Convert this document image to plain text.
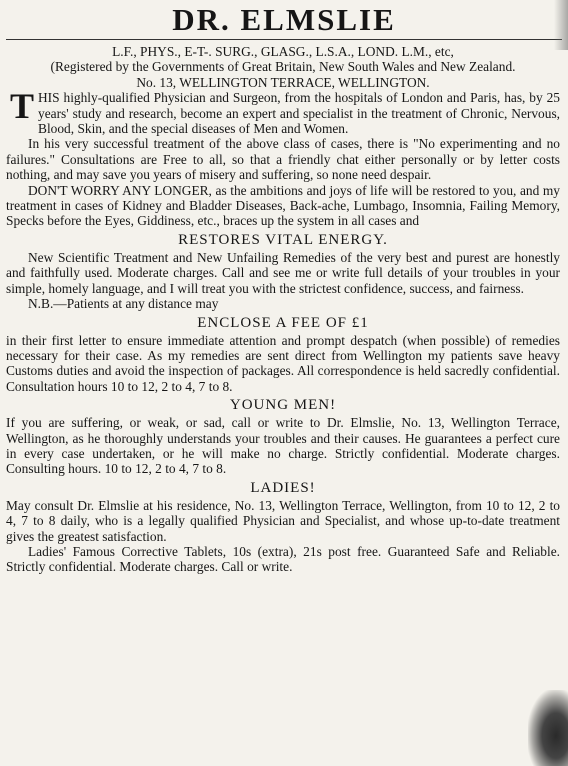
DR. ELMSLIE

L.F., PHYS., E-T-. SURG., GLASG., L.S.A., LOND. L.M., etc,

(Registered by the Governments of Great Britain, New South Wales and New Zealand.

No. 13, WELLINGTON TERRACE, WELLINGTON.

THIS highly-qualified Physician and Surgeon, from the hospitals of London and Paris, has, by 25 years' study and research, become an expert and specialist in the treatment of Chronic, Nervous, Blood, Skin, and the special diseases of Men and Women.

In his very successful treatment of the above class of cases, there is "No experimenting and no failures." Consultations are Free to all, so that a friendly chat either personally or by letter costs nothing, and may save you years of misery and suffering, so none need despair.

DON'T WORRY ANY LONGER, as the ambitions and joys of life will be restored to you, and my treatment in cases of Kidney and Bladder Diseases, Back-ache, Lumbago, Insomnia, Failing Memory, Specks before the Eyes, Giddiness, etc., braces up the system in all cases and

RESTORES VITAL ENERGY.

New Scientific Treatment and New Unfailing Remedies of the very best and purest are honestly and faithfully used. Moderate charges. Call and see me or write full details of your troubles in your simple, homely language, and I will treat you with the strictest confidence, success, and fairness.

N.B.—Patients at any distance may

ENCLOSE A FEE OF £1

in their first letter to ensure immediate attention and prompt despatch (when possible) of remedies necessary for their case. As my remedies are sent direct from Wellington my patients save heavy Customs duties and avoid the inspection of packages. All correspondence is held sacredly confidential. Consultation hours 10 to 12, 2 to 4, 7 to 8.

YOUNG MEN!

If you are suffering, or weak, or sad, call or write to Dr. Elmslie, No. 13, Wellington Terrace, Wellington, as he thoroughly understands your troubles and their causes. He guarantees a perfect cure in every case undertaken, or he will make no charge. Strictly confidential. Moderate charges. Consulting hours. 10 to 12, 2 to 4, 7 to 8.

LADIES!

May consult Dr. Elmslie at his residence, No. 13, Wellington Terrace, Wellington, from 10 to 12, 2 to 4, 7 to 8 daily, who is a legally qualified Physician and Specialist, and whose up-to-date treatment gives the greatest satisfaction.

Ladies' Famous Corrective Tablets, 10s (extra), 21s post free. Guaranteed Safe and Reliable. Strictly confidential. Moderate charges. Call or write.
